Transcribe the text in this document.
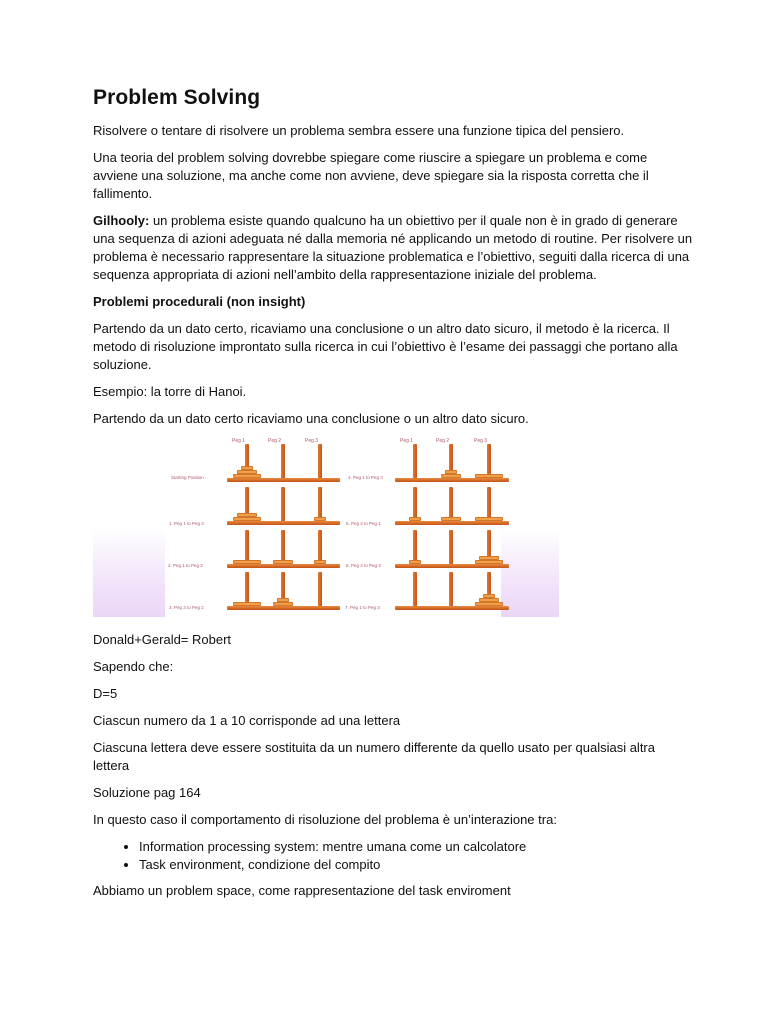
Problem Solving

Risolvere o tentare di risolvere un problema sembra essere una funzione tipica del pensiero.

Una teoria del problem solving dovrebbe spiegare come riuscire a spiegare un problema e come avviene una soluzione, ma anche come non avviene, deve spiegare sia la risposta corretta che il fallimento.

Gilhooly: un problema esiste quando qualcuno ha un obiettivo per il quale non è in grado di generare una sequenza di azioni adeguata né dalla memoria né applicando un metodo di routine. Per risolvere un problema è necessario rappresentare la situazione problematica e l’obiettivo, seguiti dalla ricerca di una sequenza appropriata di azioni nell’ambito della rappresentazione iniziale del problema.

Problemi procedurali (non insight)

Partendo da un dato certo, ricaviamo una conclusione o un altro dato sicuro, il metodo è la ricerca. Il metodo di risoluzione improntato sulla ricerca in cui l’obiettivo è l’esame dei passaggi che portano alla soluzione.

Esempio: la torre di Hanoi.

Partendo da un dato certo ricaviamo una conclusione o un altro dato sicuro.

Peg 1	Peg 2	Peg 3	Peg 1	Peg 2	Peg 3
Starting Position
1. Peg 1 to Peg 3
2. Peg 1 to Peg 2
3. Peg 3 to Peg 2
4. Peg 1 to Peg 3
5. Peg 2 to Peg 1
6. Peg 2 to Peg 3
7. Peg 1 to Peg 3

Donald+Gerald= Robert

Sapendo che:

D=5

Ciascun numero da 1 a 10 corrisponde ad una lettera

Ciascuna lettera deve essere sostituita da un numero differente da quello usato per qualsiasi altra lettera

Soluzione pag 164

In questo caso il comportamento di risoluzione del problema è un’interazione tra:

• Information processing system: mentre umana come un calcolatore
• Task environment, condizione del compito

Abbiamo un problem space, come rappresentazione del task enviroment
